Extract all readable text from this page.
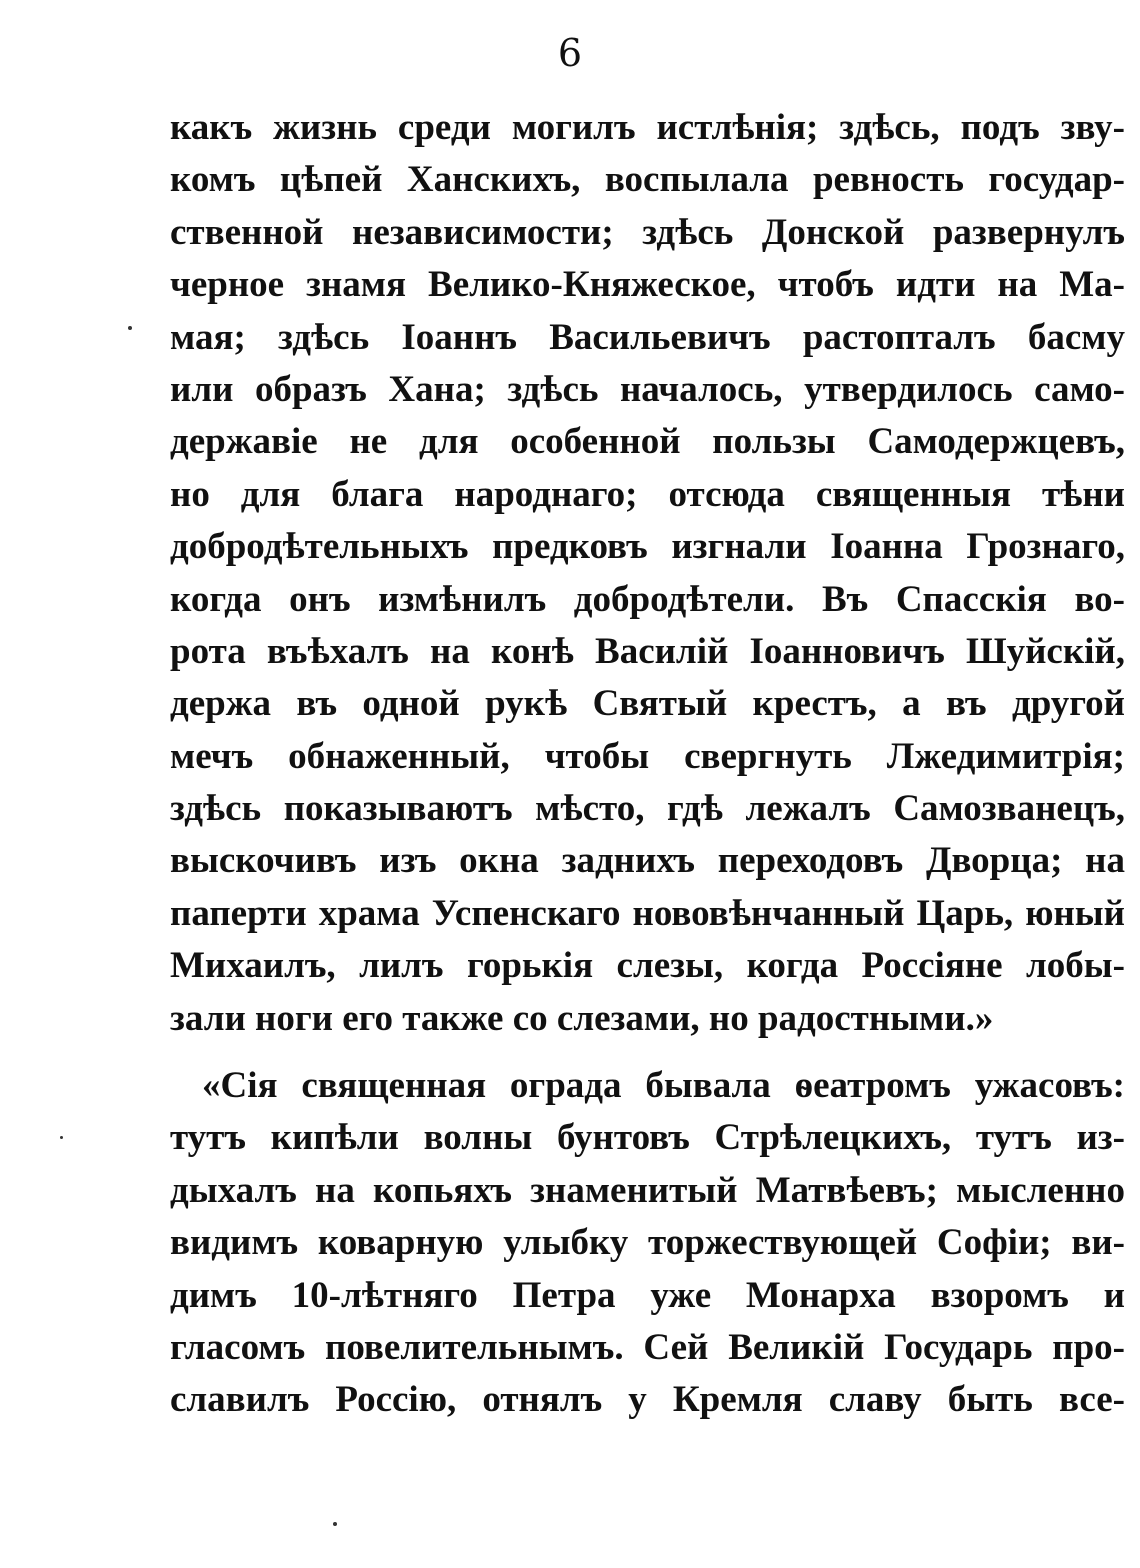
6
какъ жизнь среди могилъ истлѣнія; здѣсь, подъ зву-
комъ цѣпей Ханскихъ, воспылала ревность государ-
ственной независимости; здѣсь Донской развернулъ
черное знамя Велико-Княжеское, чтобъ идти на Ма-
мая; здѣсь Іоаннъ Васильевичъ растопталъ басму
или образъ Хана; здѣсь началось, утвердилось само-
державіе не для особенной пользы Самодержцевъ,
но для блага народнаго; отсюда священныя тѣни
добродѣтельныхъ предковъ изгнали Іоанна Грознаго,
когда онъ измѣнилъ добродѣтели. Въ Спасскія во-
рота въѣхалъ на конѣ Василій Іоанновичъ Шуйскій,
держа въ одной рукѣ Святый крестъ, а въ другой
мечъ обнаженный, чтобы свергнуть Лжедимитрія;
здѣсь показываютъ мѣсто, гдѣ лежалъ Самозванецъ,
выскочивъ изъ окна заднихъ переходовъ Дворца; на
паперти храма Успенскаго нововѣнчанный Царь, юный
Михаилъ, лилъ горькія слезы, когда Россіяне лобы-
зали ноги его также со слезами, но радостными.»
«Сія священная ограда бывала ѳеатромъ ужасовъ:
тутъ кипѣли волны бунтовъ Стрѣлецкихъ, тутъ из-
дыхалъ на копьяхъ знаменитый Матвѣевъ; мысленно
видимъ коварную улыбку торжествующей Софіи; ви-
димъ 10-лѣтняго Петра уже Монарха взоромъ и
гласомъ повелительнымъ. Сей Великій Государь про-
славилъ Россію, отнялъ у Кремля славу быть все-
